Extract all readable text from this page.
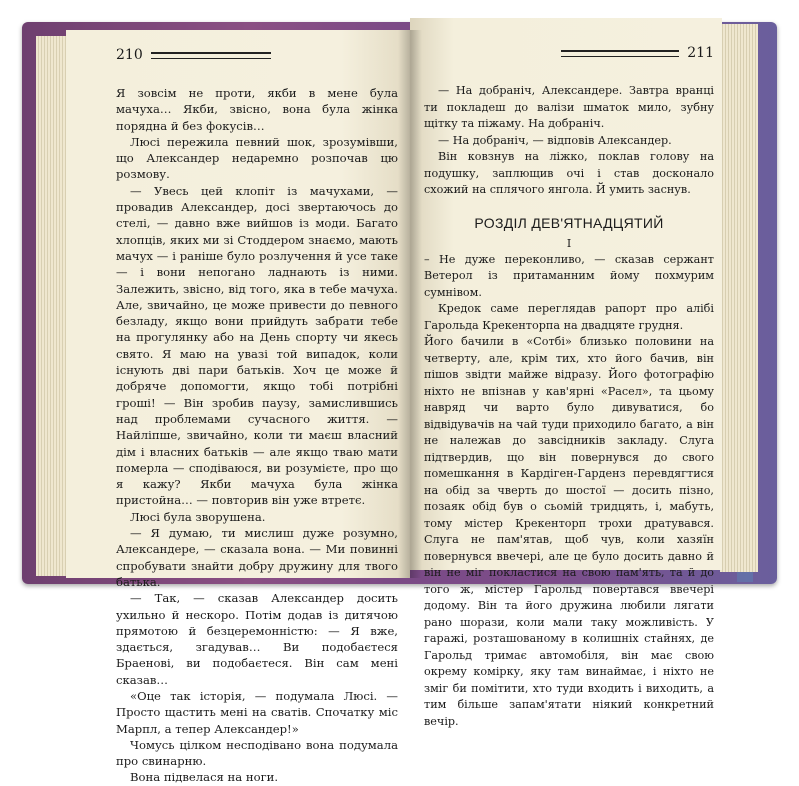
210

Я зовсім не проти, якби в мене була мачуха… Якби, звісно, вона була жінка порядна й без фокусів…

Люсі пережила певний шок, зрозумівши, що Александер недаремно розпочав цю розмову.

— Увесь цей клопіт із мачухами, — провадив Александер, досі звертаючось до стелі, — давно вже вийшов із моди. Багато хлопців, яких ми зі Стоддером знаємо, мають мачух — і раніше було розлучення й усе таке — і вони непогано ладнають із ними. Залежить, звісно, від того, яка в тебе мачуха. Але, звичайно, це може привести до певного безладу, якщо вони прийдуть забрати тебе на прогулянку або на День спорту чи якесь свято. Я маю на увазі той випадок, коли існують дві пари батьків. Хоч це може й добряче допомогти, якщо тобі потрібні гроші! — Він зробив паузу, замислившись над проблемами сучасного життя. — Найліпше, звичайно, коли ти маєш власний дім і власних батьків — але якщо тваю мати померла — сподіваюся, ви розумієте, про що я кажу? Якби мачуха була жінка пристойна… — повторив він уже втретє.

Люсі була зворушена.

— Я думаю, ти мислиш дуже розумно, Александере, — сказала вона. — Ми повинні спробувати знайти добру дружину для твого батька.

— Так, — сказав Александер досить ухильно й нескоро. Потім додав із дитячою прямотою й безцеремонністю: — Я вже, здається, згадував… Ви подобаєтеся Браенові, ви подобаєтеся. Він сам мені сказав…

«Оце так історія, — подумала Люсі. — Просто щастить мені на сватів. Спочатку міс Марпл, а тепер Александер!»

Чомусь цілком несподівано вона подумала про свинарню.

Вона підвелася на ноги.

211

— На добраніч, Александере. Завтра вранці ти покладеш до валізи шматок мило, зубну щітку та піжаму. На добраніч.

— На добраніч, — відповів Александер.

Він ковзнув на ліжко, поклав голову на подушку, заплющив очі і став досконало схожий на сплячого янгола. Й умить заснув.

РОЗДІЛ ДЕВ'ЯТНАДЦЯТИЙ
І

– Не дуже переконливо, — сказав сержант Ветерол із притаманним йому похмурим сумнівом.

Кредок саме переглядав рапорт про алібі Гарольда Крекенторпа на двадцяте грудня.

Його бачили в «Сотбі» близько половини на четверту, але, крім тих, хто його бачив, він пішов звідти майже відразу. Його фотографію ніхто не впізнав у кав'ярні «Расел», та цьому навряд чи варто було дивуватися, бо відвідувачів на чай туди приходило багато, а він не належав до завсідників закладу. Слуга підтвердив, що він повернувся до свого помешкання в Кардіген-Гарденз перевдягтися на обід за чверть до шостої — досить пізно, позаяк обід був о сьомій тридцять, і, мабуть, тому містер Крекенторп трохи дратувався. Слуга не пам'ятав, щоб чув, коли хазяїн повернувся ввечері, але це було досить давно й він не міг покластися на свою пам'ять, та й до того ж, містер Гарольд повертався ввечері додому. Він та його дружина любили лягати рано шорази, коли мали таку можливість. У гаражі, розташованому в колишніх стайнях, де Гарольд тримає автомобіля, він має свою окрему комірку, яку там винаймає, і ніхто не зміг би помітити, хто туди входить і виходить, а тим більше запам'ятати ніякий конкретний вечір.
